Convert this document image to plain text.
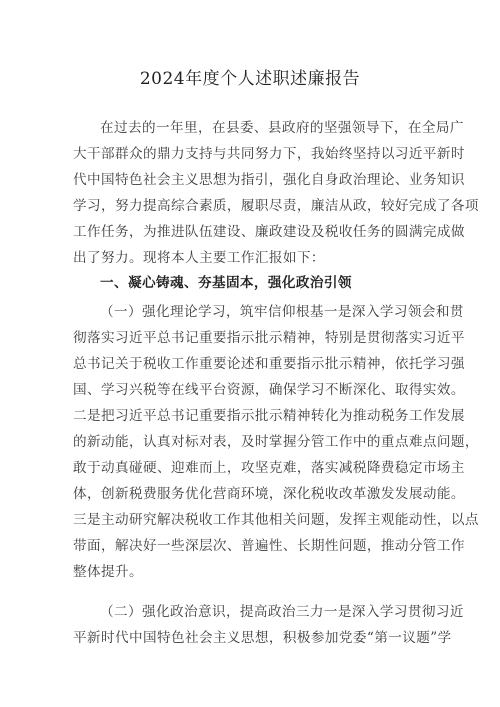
2024年度个人述职述廉报告
在过去的一年里，在县委、县政府的坚强领导下，在全局广
大干部群众的鼎力支持与共同努力下，我始终坚持以习近平新时
代中国特色社会主义思想为指引，强化自身政治理论、业务知识
学习，努力提高综合素质，履职尽责，廉洁从政，较好完成了各项
工作任务，为推进队伍建设、廉政建设及税收任务的圆满完成做
出了努力。现将本人主要工作汇报如下：
一、凝心铸魂、夯基固本，强化政治引领
（一）强化理论学习，筑牢信仰根基一是深入学习领会和贯
彻落实习近平总书记重要指示批示精神，特别是贯彻落实习近平
总书记关于税收工作重要论述和重要指示批示精神，依托学习强
国、学习兴税等在线平台资源，确保学习不断深化、取得实效。
二是把习近平总书记重要指示批示精神转化为推动税务工作发展
的新动能，认真对标对表，及时掌握分管工作中的重点难点问题，
敢于动真碰硬、迎难而上，攻坚克难，落实减税降费稳定市场主
体，创新税费服务优化营商环境，深化税收改革激发发展动能。
三是主动研究解决税收工作其他相关问题，发挥主观能动性，以点
带面，解决好一些深层次、普遍性、长期性问题，推动分管工作
整体提升。
（二）强化政治意识，提高政治三力一是深入学习贯彻习近
平新时代中国特色社会主义思想，积极参加党委“第一议题”学
